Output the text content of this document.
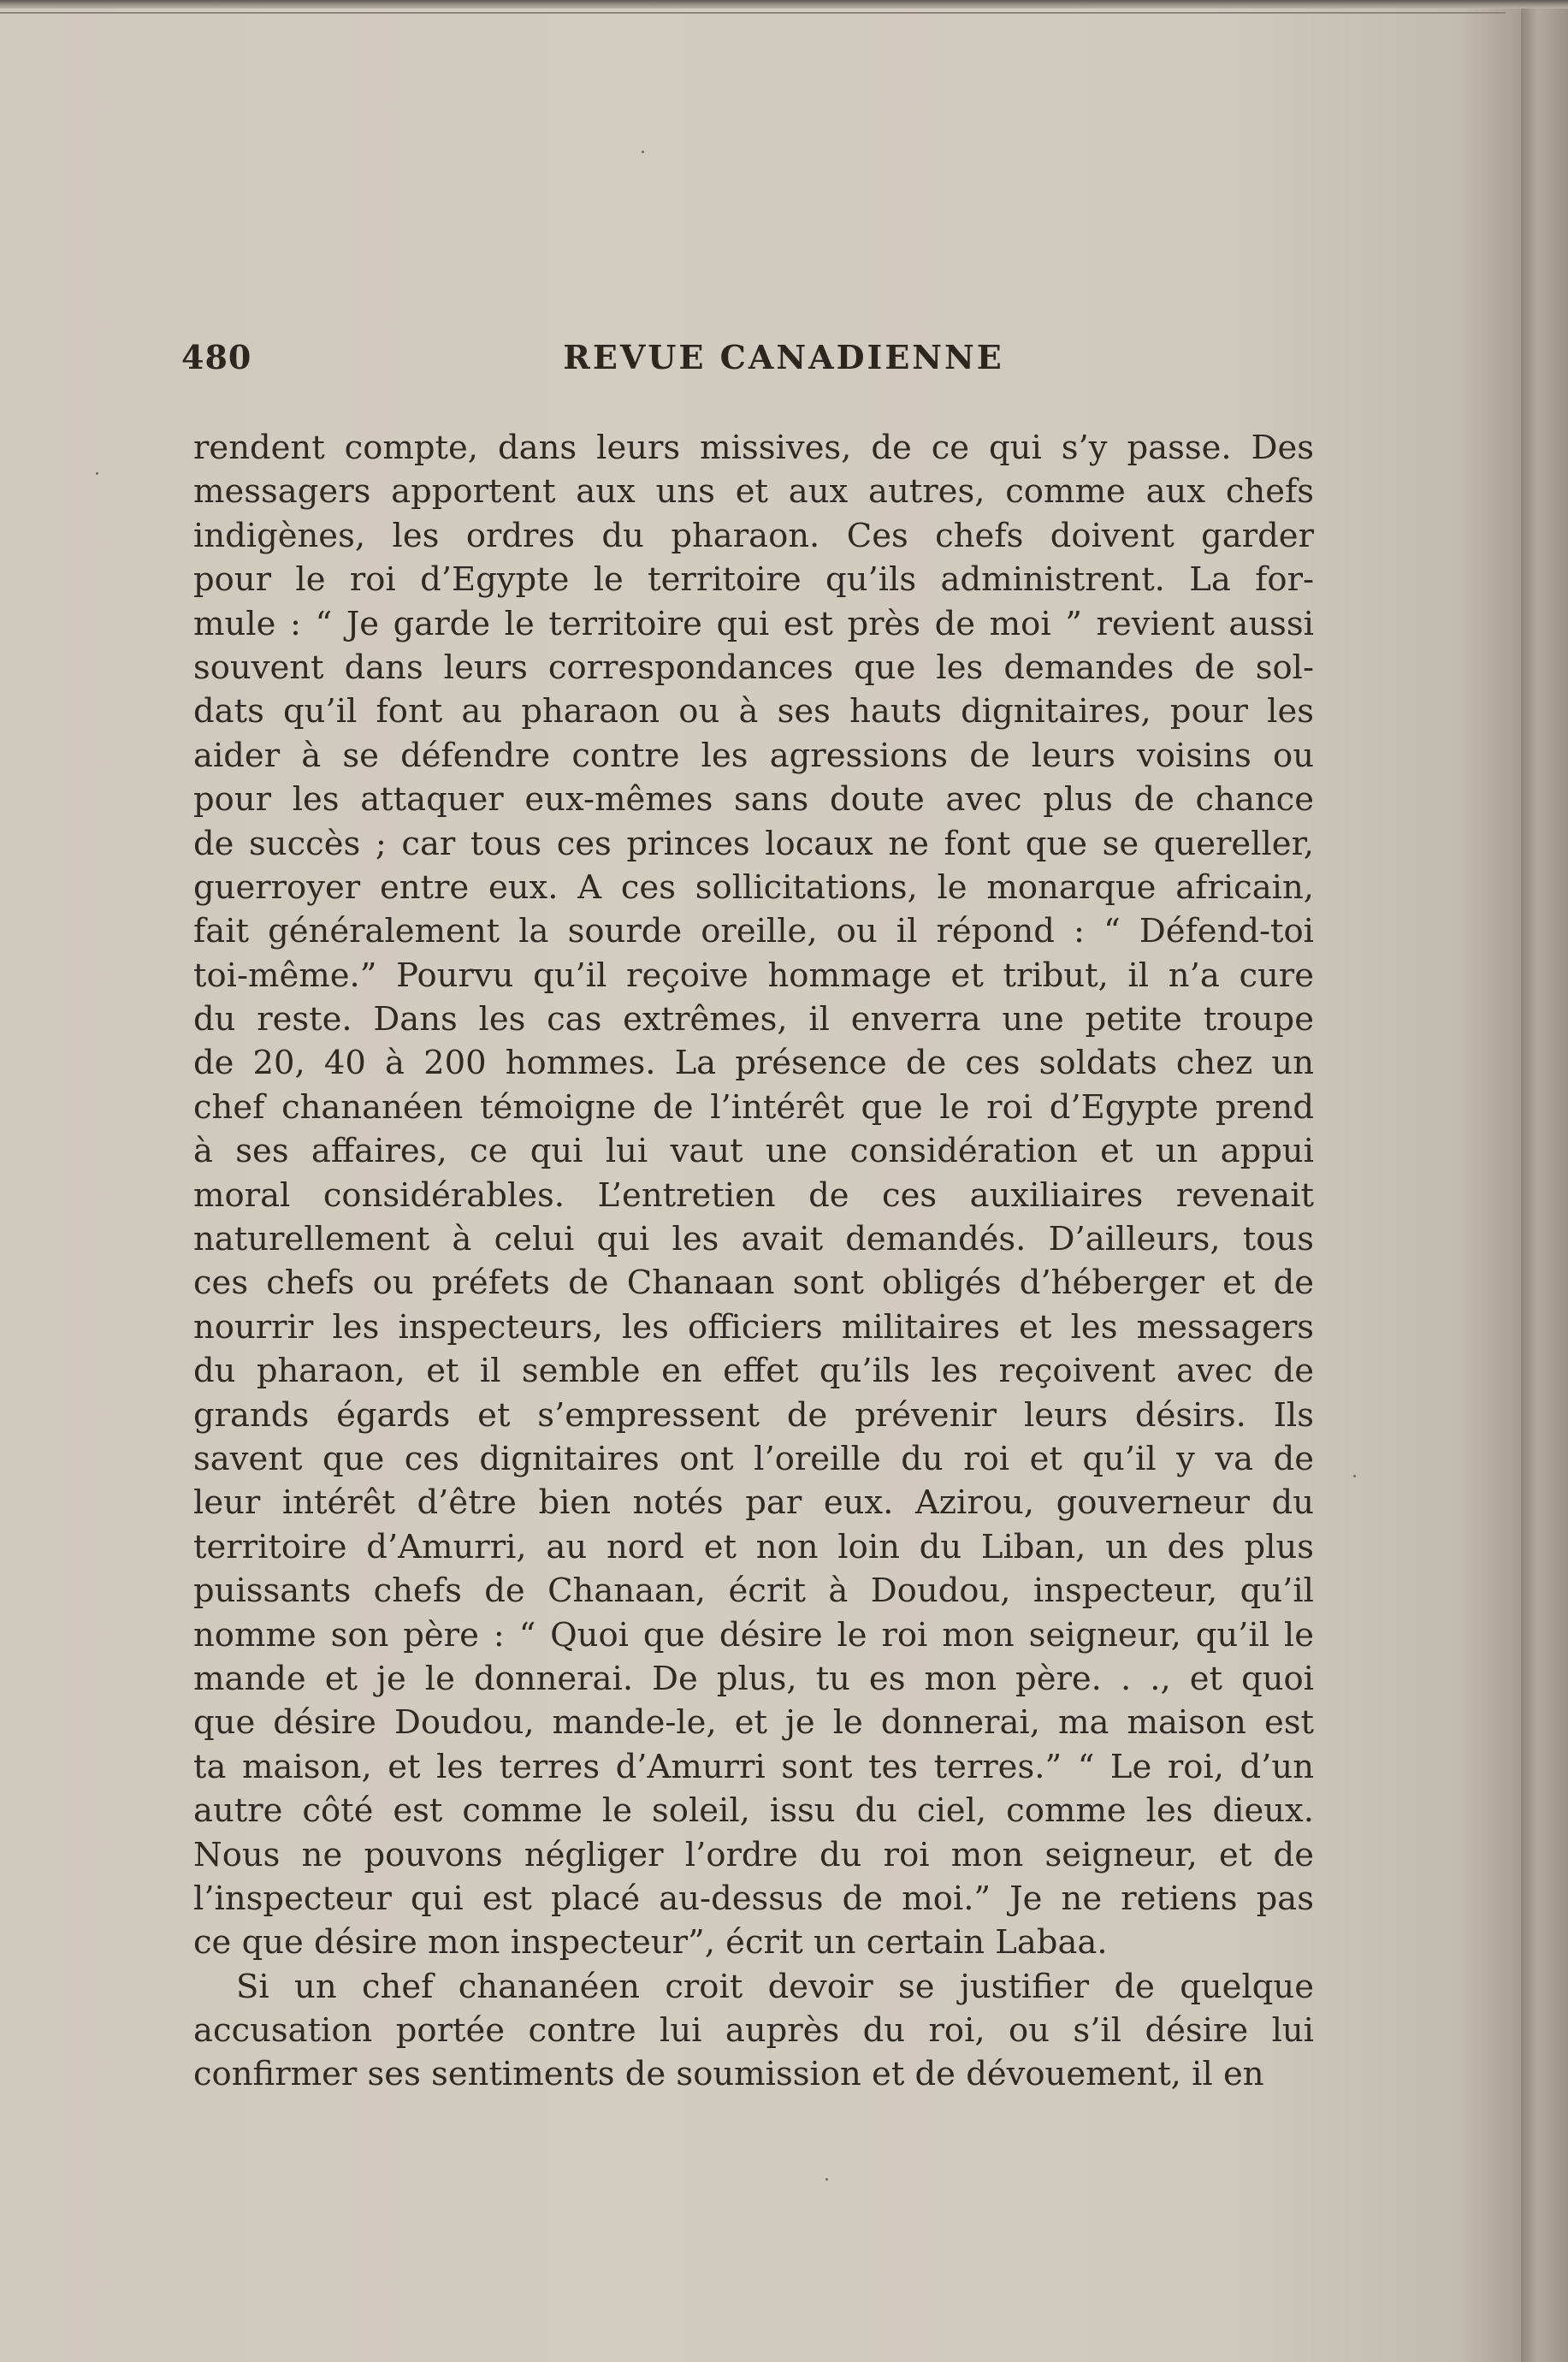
480	REVUE CANADIENNE
rendent compte, dans leurs missives, de ce qui s’y passe. Des
messagers apportent aux uns et aux autres, comme aux chefs
indigènes, les ordres du pharaon. Ces chefs doivent garder
pour le roi d’Egypte le territoire qu’ils administrent. La for-
mule : “ Je garde le territoire qui est près de moi ” revient aussi
souvent dans leurs correspondances que les demandes de sol-
dats qu’il font au pharaon ou à ses hauts dignitaires, pour les
aider à se défendre contre les agressions de leurs voisins ou
pour les attaquer eux-mêmes sans doute avec plus de chance
de succès ; car tous ces princes locaux ne font que se quereller,
guerroyer entre eux. A ces sollicitations, le monarque africain,
fait généralement la sourde oreille, ou il répond : “ Défend-toi
toi-même.” Pourvu qu’il reçoive hommage et tribut, il n’a cure
du reste. Dans les cas extrêmes, il enverra une petite troupe
de 20, 40 à 200 hommes. La présence de ces soldats chez un
chef chananéen témoigne de l’intérêt que le roi d’Egypte prend
à ses affaires, ce qui lui vaut une considération et un appui
moral considérables. L’entretien de ces auxiliaires revenait
naturellement à celui qui les avait demandés. D’ailleurs, tous
ces chefs ou préfets de Chanaan sont obligés d’héberger et de
nourrir les inspecteurs, les officiers militaires et les messagers
du pharaon, et il semble en effet qu’ils les reçoivent avec de
grands égards et s’empressent de prévenir leurs désirs. Ils
savent que ces dignitaires ont l’oreille du roi et qu’il y va de
leur intérêt d’être bien notés par eux. Azirou, gouverneur du
territoire d’Amurri, au nord et non loin du Liban, un des plus
puissants chefs de Chanaan, écrit à Doudou, inspecteur, qu’il
nomme son père : “ Quoi que désire le roi mon seigneur, qu’il le
mande et je le donnerai. De plus, tu es mon père. . ., et quoi
que désire Doudou, mande-le, et je le donnerai, ma maison est
ta maison, et les terres d’Amurri sont tes terres.” “ Le roi, d’un
autre côté est comme le soleil, issu du ciel, comme les dieux.
Nous ne pouvons négliger l’ordre du roi mon seigneur, et de
l’inspecteur qui est placé au-dessus de moi.” Je ne retiens pas
ce que désire mon inspecteur”, écrit un certain Labaa.
Si un chef chananéen croit devoir se justifier de quelque
accusation portée contre lui auprès du roi, ou s’il désire lui
confirmer ses sentiments de soumission et de dévouement, il en
